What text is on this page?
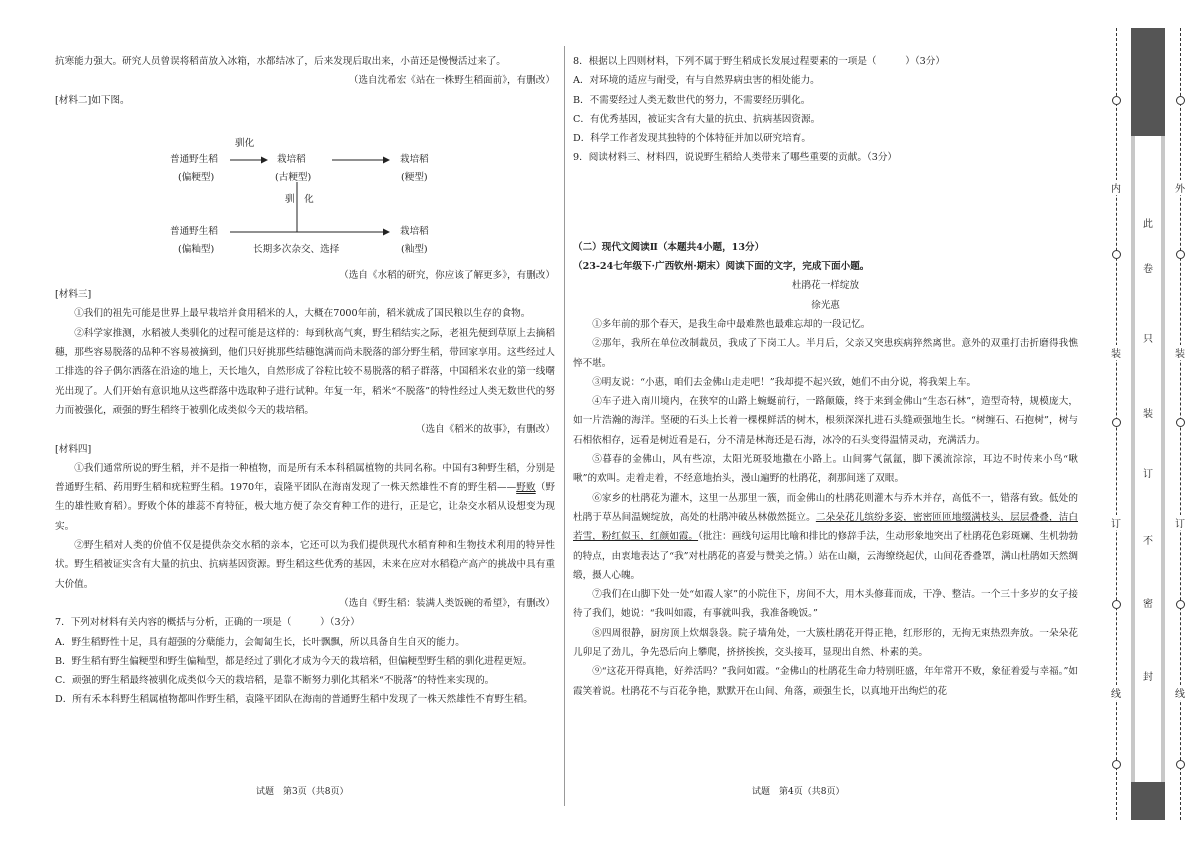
抗寒能力强大。研究人员曾误将稻苗放入冰箱，水都结冰了，后来发现后取出来，小苗还是慢慢活过来了。

（选自沈希宏《站在一株野生稻面前》，有删改）

[材料二]如下图。

普通野生稻
(偏粳型)
驯化
栽培稻
(古粳型)
栽培稻
(粳型)
驯　化
普通野生稻
(偏籼型)	长期多次杂交、选择
栽培稻
(籼型)

（选自《水稻的研究，你应该了解更多》，有删改）

[材料三]

①我们的祖先可能是世界上最早栽培并食用稻米的人，大概在7000年前，稻米就成了国民粮以生存的食物。

②科学家推测，水稻被人类驯化的过程可能是这样的：每到秋高气爽，野生稻结实之际，老祖先便到草原上去摘稻穗，那些容易脱落的品种不容易被摘到，他们只好挑那些结穗饱满而尚未脱落的部分野生稻，带回家享用。这些经过人工排选的谷子偶尔洒落在沿途的地上，天长地久，自然形成了谷粒比较不易脱落的稻子群落，中国稻米农业的第一线曙光出现了。人们开始有意识地从这些群落中选取种子进行试种。年复一年，稻米“不脱落”的特性经过人类无数世代的努力而被强化，顽强的野生稻终于被驯化成类似今天的栽培稻。

（选自《稻米的故事》，有删改）

[材料四]

①我们通常所说的野生稻，并不是指一种植物，而是所有禾本科稻属植物的共同名称。中国有3种野生稻，分别是普通野生稻、药用野生稻和疣粒野生稻。1970年，袁隆平团队在海南发现了一株天然雄性不育的野生稻——野败（野生的雄性败育稻）。野败个体的雄蕊不育特征，极大地方便了杂交育种工作的进行，正是它，让杂交水稻从设想变为现实。

②野生稻对人类的价值不仅是提供杂交水稻的亲本，它还可以为我们提供现代水稻育种和生物技术利用的特异性状。野生稻被证实含有大量的抗虫、抗病基因资源。野生稻这些优秀的基因，未来在应对水稻稳产高产的挑战中具有重大价值。

（选自《野生稻：装满人类饭碗的希望》，有删改）

7．下列对材料有关内容的概括与分析，正确的一项是（　　　）（3分）

A．野生稻野性十足，具有超强的分蘖能力，会匍匐生长，长叶飘飘，所以具备自生自灭的能力。

B．野生稻有野生偏粳型和野生偏籼型，都是经过了驯化才成为今天的栽培稻，但偏粳型野生稻的驯化进程更短。

C．顽强的野生稻最终被驯化成类似今天的栽培稻，是靠不断努力驯化其稻米“不脱落”的特性来实现的。

D．所有禾本科野生稻属植物都叫作野生稻，袁隆平团队在海南的普通野生稻中发现了一株天然雄性不育野生稻。

试题　第3页（共8页）

8．根据以上四则材料，下列不属于野生稻成长发展过程要素的一项是（　　　）（3分）

A．对环境的适应与耐受，有与自然界病虫害的相处能力。

B．不需要经过人类无数世代的努力，不需要经历驯化。

C．有优秀基因，被证实含有大量的抗虫、抗病基因资源。

D．科学工作者发现其独特的个体特征并加以研究培育。

9．阅读材料三、材料四，说说野生稻给人类带来了哪些重要的贡献。（3分）

（二）现代文阅读Ⅱ（本题共4小题，13分）

（23-24七年级下·广西钦州·期末）阅读下面的文字，完成下面小题。

杜鹃花一样绽放

徐光惠

①多年前的那个春天，是我生命中最难熬也最难忘却的一段记忆。

②那年，我所在单位改制裁员，我成了下岗工人。半月后，父亲又突患疾病猝然离世。意外的双重打击折磨得我憔悴不堪。

③明友说：“小惠，咱们去金佛山走走吧！”我却提不起兴致，她们不由分说，将我架上车。

④车子进入南川境内，在狭窄的山路上蜿蜒前行，一路颠簸，终于来到金佛山“生态石林”，造型奇特，规模庞大，如一片浩瀚的海洋。坚硬的石头上长着一棵棵鲜活的树木，根须深深扎进石头缝顽强地生长。“树缠石、石抱树”，树与石相依相存，远看是树近看是石，分不清是林海还是石海，冰冷的石头变得温情灵动，充满活力。

⑤暮春的金佛山，风有些凉，太阳光斑驳地撒在小路上。山间雾气氤氲，脚下溪流淙淙，耳边不时传来小鸟“啾啾”的欢叫。走着走着，不经意地抬头，漫山遍野的杜鹃花，刹那间迷了双眼。

⑥家乡的杜鹃花为灌木，这里一丛那里一簇，而金佛山的杜鹃花则灌木与乔木并存，高低不一，错落有致。低处的杜鹃于草丛间温婉绽放，高处的杜鹃冲破丛林傲然挺立。二朵朵花儿缤纷多姿，密密匝匝地缀满枝头，层层叠叠，洁白若雪，粉红似玉，红颜如霞。（批注：画线句运用比喻和排比的修辞手法，生动形象地突出了杜鹃花色彩斑斓、生机勃勃的特点，由衷地表达了“我”对杜鹃花的喜爱与赞美之情。）站在山巅，云海缭绕起伏，山间花香叠罩，满山杜鹃如天然绸缎，摄人心魄。

⑦我们在山脚下处一处“如霞人家”的小院住下，房间不大，用木头修葺而成，干净、整洁。一个三十多岁的女子接待了我们，她说：“我叫如霞，有事就叫我，我准备晚饭。”

⑧四周很静，厨房顶上炊烟袅袅。院子墙角处，一大簇杜鹃花开得正艳，红形形的，无拘无束热烈奔放。一朵朵花儿卯足了劲儿，争先恐后向上攀爬，挤挤挨挨，交头接耳，显现出自然、朴素的美。

⑨“这花开得真艳，好养活吗？”我问如霞。“金佛山的杜鹃花生命力特别旺盛，年年常开不败，象征着爱与幸福。”如霞笑着说。杜鹃花不与百花争艳，默默开在山间、角落，顽强生长，以真地开出绚烂的花

试题　第4页（共8页）
内
装
订
线
外
装
订
线
此
卷
只
装
订
不
密
封
